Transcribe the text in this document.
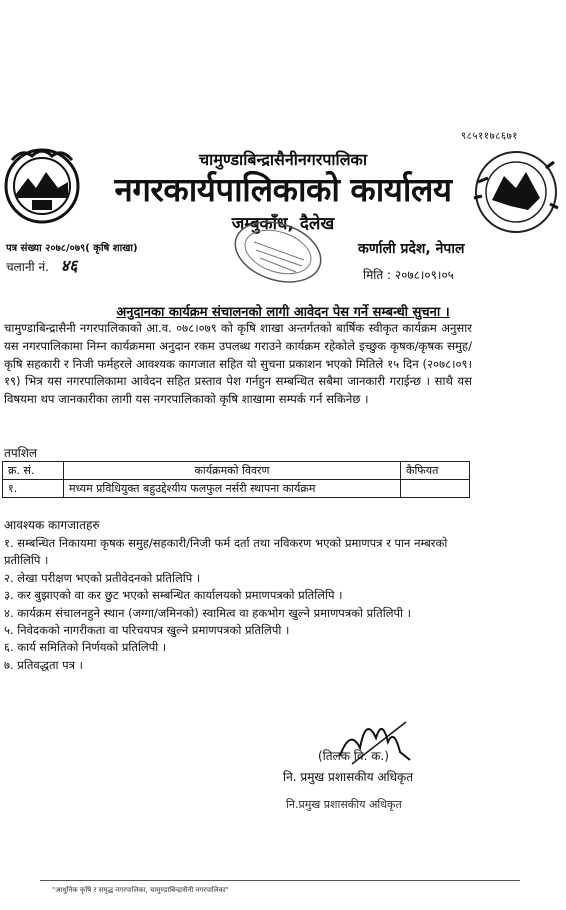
९८५११७८६७१
चामुण्डाबिन्द्रासैनीनगरपालिका
नगरकार्यपालिकाको कार्यालय
जम्बुकाँध, दैलेख
पत्र संख्या २०७८/०७९( कृषि शाखा)	कर्णाली प्रदेश, नेपाल
चलानी नं. ४६	मिति : २०७८।०९।०५
अनुदानका कार्यक्रम संचालनको लागी आवेदन पेस गर्ने सम्बन्धी सुचना ।
चामुण्डाबिन्द्रासैनी नगरपालिकाको आ.व. ०७८।०७९ को कृषि शाखा अन्तर्गतको बार्षिक स्वीकृत कार्यक्रम अनुसार यस नगरपालिकामा निम्न कार्यक्रममा अनुदान रकम उपलब्ध गराउने कार्यक्रम रहेकोले इच्छुक कृषक/कृषक समुह/कृषि सहकारी र निजी फर्महरले आवश्यक कागजात सहित यो सुचना प्रकाशन भएको मितिले १५ दिन (२०७८।०९।१९) भित्र यस नगरपालिकामा आवेदन सहित प्रस्ताव पेश गर्नहुन सम्बन्धित सबैमा जानकारी गराईन्छ । साथै यस विषयमा थप जानकारीका लागी यस नगरपालिकाको कृषि शाखामा सम्पर्क गर्न सकिनेछ ।
तपशिल
क्र. सं.	कार्यक्रमको विवरण	कैफियत
१.	मध्यम प्रविधियुक्त बहुउद्देश्यीय फलफुल नर्सरी स्थापना कार्यक्रम	
आवश्यक कागजातहरु
१. सम्बन्धित निकायमा कृषक समुह/सहकारी/निजी फर्म दर्ता तथा नविकरण भएको प्रमाणपत्र र पान नम्बरको प्रतीलिपि ।
२. लेखा परीक्षण भएको प्रतीवेदनको प्रतिलिपि ।
३. कर बुझाएको वा कर छुट भएको सम्बन्धित कार्यालयको प्रमाणपत्रको प्रतिलिपि ।
४. कार्यक्रम संचालनहुने स्थान (जग्गा/जमिनको) स्वामित्व वा हकभोग खुल्ने प्रमाणपत्रको प्रतिलिपी ।
५. निवेदकको नागरीकता वा परिचयपत्र खुल्ने प्रमाणपत्रको प्रतिलिपी ।
६. कार्य समितिको निर्णयको प्रतिलिपी ।
७. प्रतिवद्धता पत्र ।
(तिलक वि. क.)
नि. प्रमुख प्रशासकीय अधिकृत
नि.प्रमुख प्रशासकीय अधिकृत
"आधुनिक कृषि र समृद्ध नगरपालिका, चामुण्डाबिन्द्रासैनी नगरपालिका"
